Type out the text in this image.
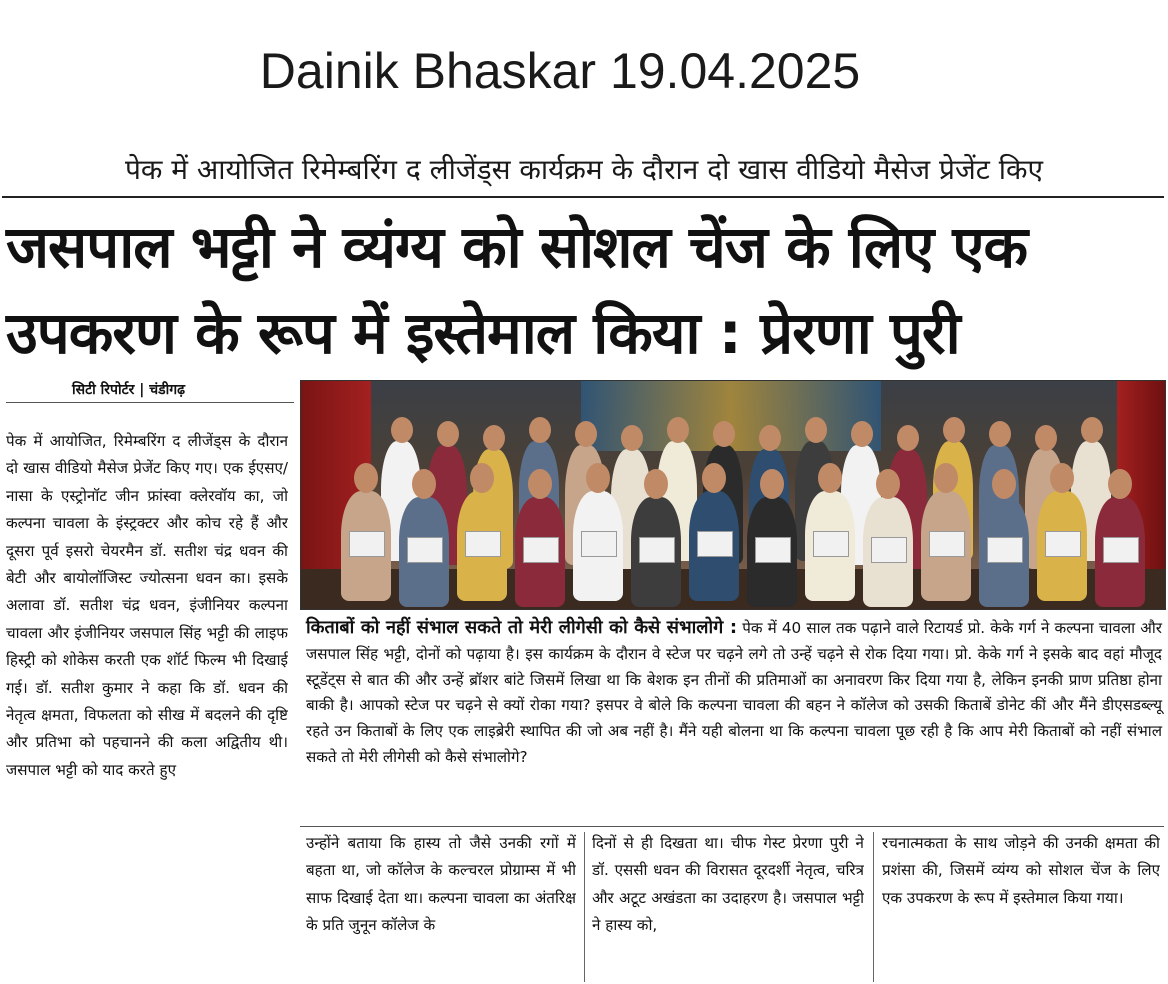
Dainik Bhaskar 19.04.2025
पेक में आयोजित रिमेम्बरिंग द लीजेंड्स कार्यक्रम के दौरान दो खास वीडियो मैसेज प्रेजेंट किए
जसपाल भट्टी ने व्यंग्य को सोशल चेंज के लिए एक उपकरण के रूप में इस्तेमाल किया : प्रेरणा पुरी
सिटी रिपोर्टर | चंडीगढ़
पेक में आयोजित, रिमेम्बरिंग द लीजेंड्स के दौरान दो खास वीडियो मैसेज प्रेजेंट किए गए। एक ईएसए/नासा के एस्ट्रोनॉट जीन फ्रांस्वा क्लेरवॉय का, जो कल्पना चावला के इंस्ट्रक्टर और कोच रहे हैं और दूसरा पूर्व इसरो चेयरमैन डॉ. सतीश चंद्र धवन की बेटी और बायोलॉजिस्ट ज्योत्सना धवन का। इसके अलावा डॉ. सतीश चंद्र धवन, इंजीनियर कल्पना चावला और इंजीनियर जसपाल सिंह भट्टी की लाइफ हिस्ट्री को शोकेस करती एक शॉर्ट फिल्म भी दिखाई गई। डॉ. सतीश कुमार ने कहा कि डॉ. धवन की नेतृत्व क्षमता, विफलता को सीख में बदलने की दृष्टि और प्रतिभा को पहचानने की कला अद्वितीय थी। जसपाल भट्टी को याद करते हुए
किताबों को नहीं संभाल सकते तो मेरी लीगेसी को कैसे संभालोगे : पेक में 40 साल तक पढ़ाने वाले रिटायर्ड प्रो. केके गर्ग ने कल्पना चावला और जसपाल सिंह भट्टी, दोनों को पढ़ाया है। इस कार्यक्रम के दौरान वे स्टेज पर चढ़ने लगे तो उन्हें चढ़ने से रोक दिया गया। प्रो. केके गर्ग ने इसके बाद वहां मौजूद स्टूडेंट्स से बात की और उन्हें ब्रॉशर बांटे जिसमें लिखा था कि बेशक इन तीनों की प्रतिमाओं का अनावरण किर दिया गया है, लेकिन इनकी प्राण प्रतिष्ठा होना बाकी है। आपको स्टेज पर चढ़ने से क्यों रोका गया? इसपर वे बोले कि कल्पना चावला की बहन ने कॉलेज को उसकी किताबें डोनेट कीं और मैंने डीएसडब्ल्यू रहते उन किताबों के लिए एक लाइब्रेरी स्थापित की जो अब नहीं है। मैंने यही बोलना था कि कल्पना चावला पूछ रही है कि आप मेरी किताबों को नहीं संभाल सकते तो मेरी लीगेसी को कैसे संभालोगे?
उन्होंने बताया कि हास्य तो जैसे उनकी रगों में बहता था, जो कॉलेज के कल्चरल प्रोग्राम्स में भी साफ दिखाई देता था। कल्पना चावला का अंतरिक्ष के प्रति जुनून कॉलेज के
दिनों से ही दिखता था। चीफ गेस्ट प्रेरणा पुरी ने डॉ. एससी धवन की विरासत दूरदर्शी नेतृत्व, चरित्र और अटूट अखंडता का उदाहरण है। जसपाल भट्टी ने हास्य को,
रचनात्मकता के साथ जोड़ने की उनकी क्षमता की प्रशंसा की, जिसमें व्यंग्य को सोशल चेंज के लिए एक उपकरण के रूप में इस्तेमाल किया गया।
